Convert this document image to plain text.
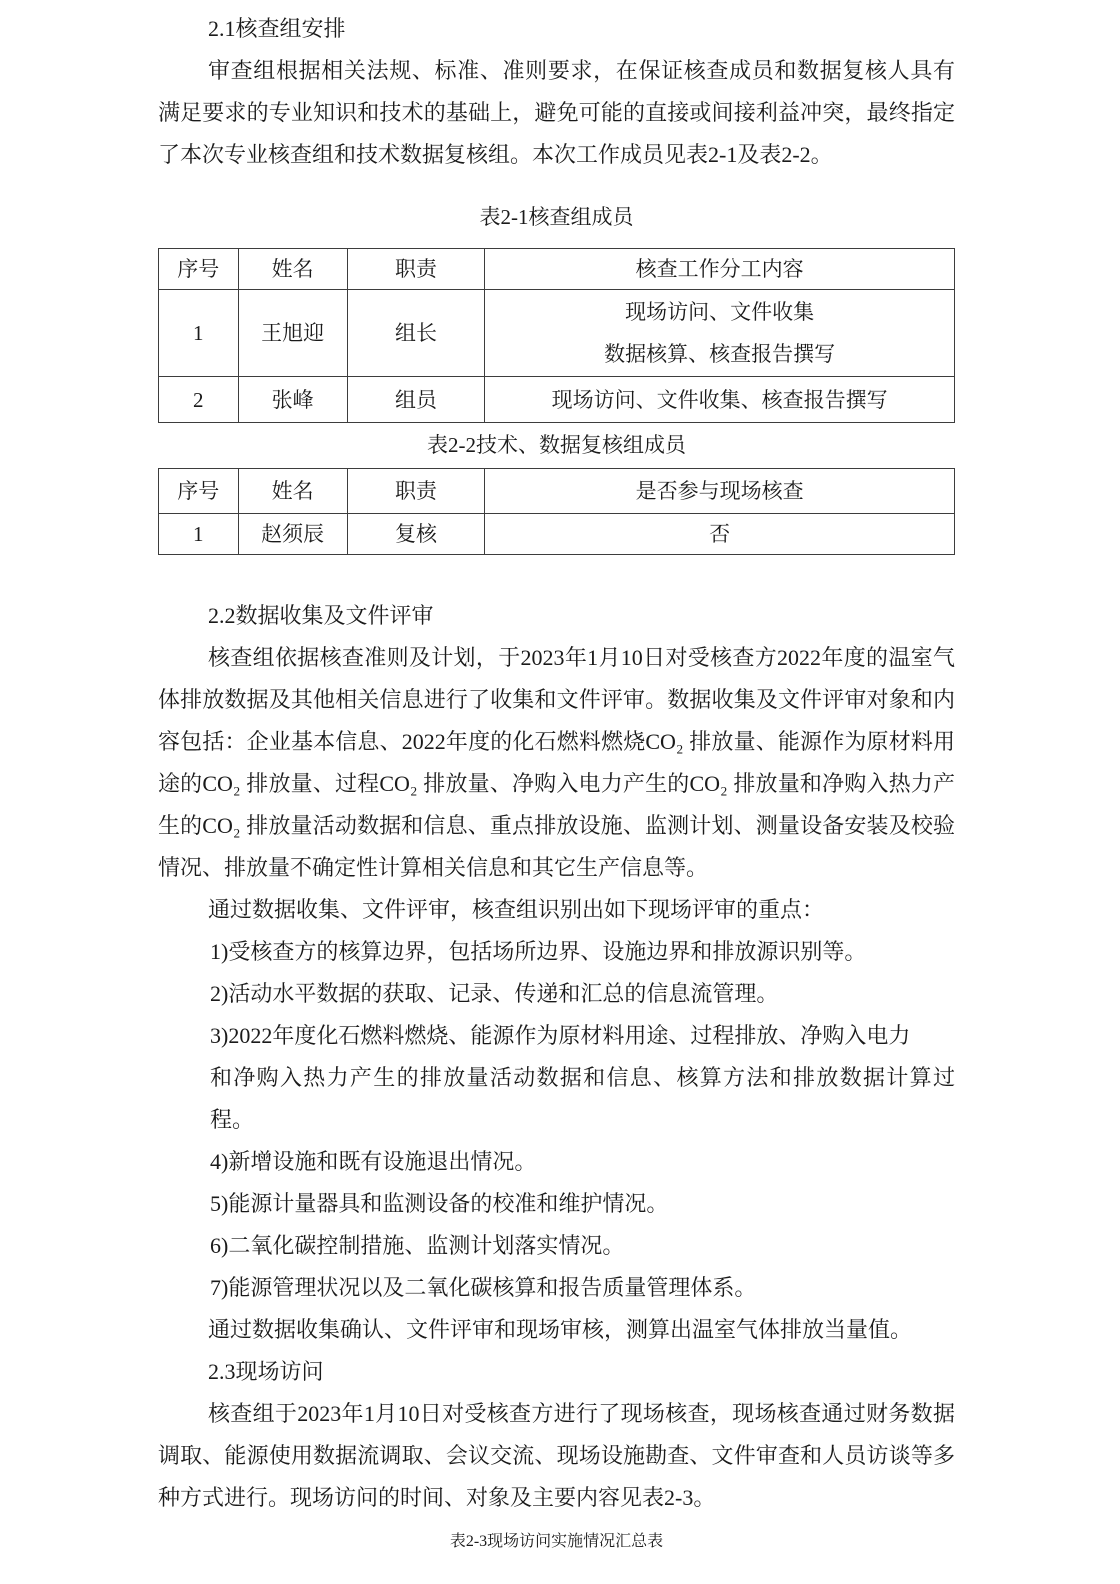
2.1核查组安排

审查组根据相关法规、标准、准则要求，在保证核查成员和数据复核人具有满足要求的专业知识和技术的基础上，避免可能的直接或间接利益冲突，最终指定了本次专业核查组和技术数据复核组。本次工作成员见表2-1及表2-2。

表2-1核查组成员
序号	姓名	职责	核查工作分工内容
1	王旭迎	组长	现场访问、文件收集
数据核算、核查报告撰写

2	张峰	组员	现场访问、文件收集、核查报告撰写
表2-2技术、数据复核组成员
序号	姓名	职责	是否参与现场核查
1	赵须辰	复核	否

2.2数据收集及文件评审

核查组依据核查准则及计划，于2023年1月10日对受核查方2022年度的温室气体排放数据及其他相关信息进行了收集和文件评审。数据收集及文件评审对象和内容包括：企业基本信息、2022年度的化石燃料燃烧CO₂ 排放量、能源作为原材料用途的CO₂ 排放量、过程CO₂ 排放量、净购入电力产生的CO₂ 排放量和净购入热力产生的CO₂ 排放量活动数据和信息、重点排放设施、监测计划、测量设备安装及校验情况、排放量不确定性计算相关信息和其它生产信息等。

通过数据收集、文件评审，核查组识别出如下现场评审的重点：

1)受核查方的核算边界，包括场所边界、设施边界和排放源识别等。

2)活动水平数据的获取、记录、传递和汇总的信息流管理。

3)2022年度化石燃料燃烧、能源作为原材料用途、过程排放、净购入电力

和净购入热力产生的排放量活动数据和信息、核算方法和排放数据计算过程。

4)新增设施和既有设施退出情况。

5)能源计量器具和监测设备的校准和维护情况。

6)二氧化碳控制措施、监测计划落实情况。

7)能源管理状况以及二氧化碳核算和报告质量管理体系。

通过数据收集确认、文件评审和现场审核，测算出温室气体排放当量值。

2.3现场访问

核查组于2023年1月10日对受核查方进行了现场核查，现场核查通过财务数据调取、能源使用数据流调取、会议交流、现场设施勘查、文件审查和人员访谈等多种方式进行。现场访问的时间、对象及主要内容见表2-3。

表2-3现场访问实施情况汇总表
